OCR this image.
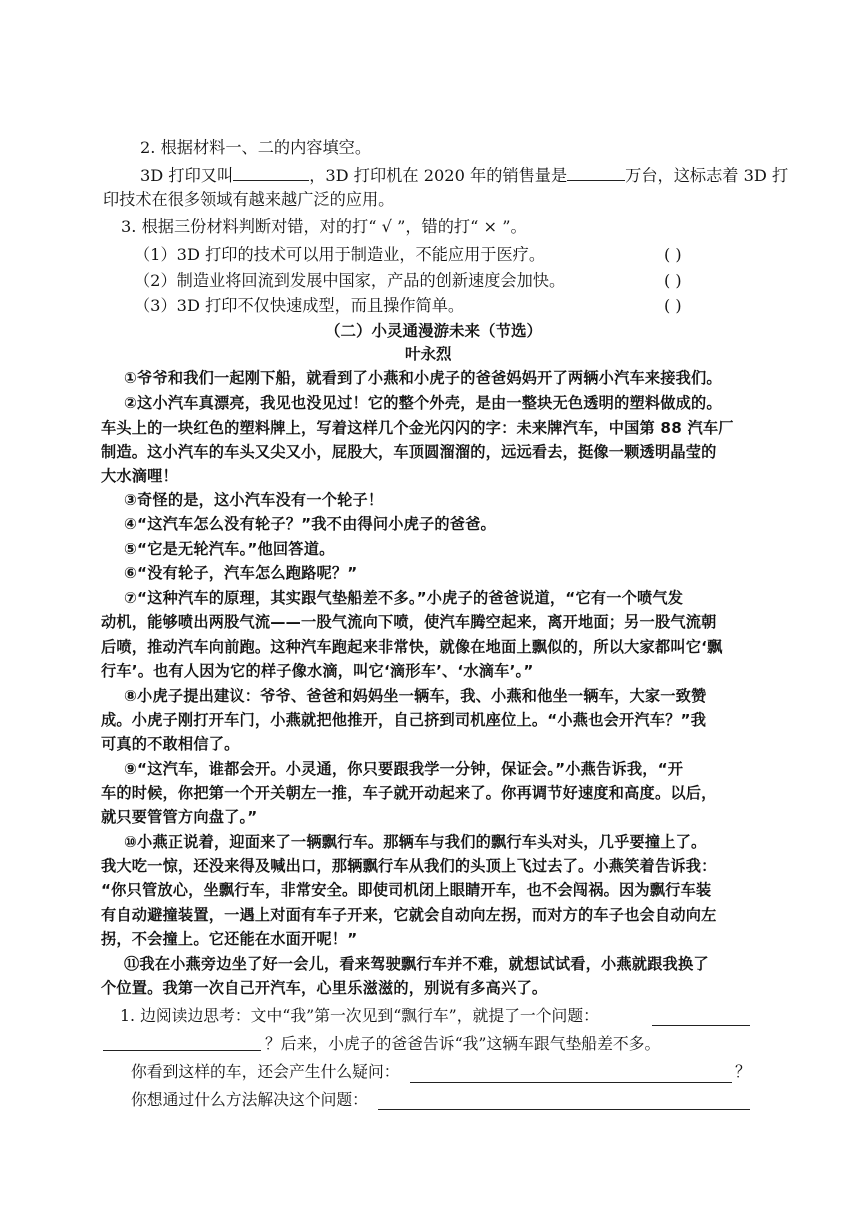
2. 根据材料一、二的内容填空。
3D 打印又叫	，3D 打印机在 2020 年的销售量是	万台，这标志着 3D 打
印技术在很多领域有越来越广泛的应用。
3. 根据三份材料判断对错，对的打“ √ ”，错的打“ × ”。
（1）3D 打印的技术可以用于制造业，不能应用于医疗。	( )
（2）制造业将回流到发展中国家，产品的创新速度会加快。	( )
（3）3D 打印不仅快速成型，而且操作简单。	( )
（二）小灵通漫游未来（节选）
叶永烈
①爷爷和我们一起刚下船，就看到了小燕和小虎子的爸爸妈妈开了两辆小汽车来接我们。
②这小汽车真漂亮，我见也没见过！它的整个外壳，是由一整块无色透明的塑料做成的。
车头上的一块红色的塑料牌上，写着这样几个金光闪闪的字：未来牌汽车，中国第 88 汽车厂
制造。这小汽车的车头又尖又小，屁股大，车顶圆溜溜的，远远看去，挺像一颗透明晶莹的
大水滴哩！
③奇怪的是，这小汽车没有一个轮子！
④“这汽车怎么没有轮子？”我不由得问小虎子的爸爸。
⑤“它是无轮汽车。”他回答道。
⑥“没有轮子，汽车怎么跑路呢？”
⑦“这种汽车的原理，其实跟气垫船差不多。”小虎子的爸爸说道，“它有一个喷气发
动机，能够喷出两股气流——一股气流向下喷，使汽车腾空起来，离开地面；另一股气流朝
后喷，推动汽车向前跑。这种汽车跑起来非常快，就像在地面上飘似的，所以大家都叫它‘飘
行车’。也有人因为它的样子像水滴，叫它‘滴形车’、‘水滴车’。”
⑧小虎子提出建议：爷爷、爸爸和妈妈坐一辆车，我、小燕和他坐一辆车，大家一致赞
成。小虎子刚打开车门，小燕就把他推开，自己挤到司机座位上。“小燕也会开汽车？”我
可真的不敢相信了。
⑨“这汽车，谁都会开。小灵通，你只要跟我学一分钟，保证会。”小燕告诉我，“开
车的时候，你把第一个开关朝左一推，车子就开动起来了。你再调节好速度和高度。以后，
就只要管管方向盘了。”
⑩小燕正说着，迎面来了一辆飘行车。那辆车与我们的飘行车头对头，几乎要撞上了。
我大吃一惊，还没来得及喊出口，那辆飘行车从我们的头顶上飞过去了。小燕笑着告诉我：
“你只管放心，坐飘行车，非常安全。即使司机闭上眼睛开车，也不会闯祸。因为飘行车装
有自动避撞装置，一遇上对面有车子开来，它就会自动向左拐，而对方的车子也会自动向左
拐，不会撞上。它还能在水面开呢！”
⑪我在小燕旁边坐了好一会儿，看来驾驶飘行车并不难，就想试试看，小燕就跟我换了
个位置。我第一次自己开汽车，心里乐滋滋的，别说有多高兴了。
1. 边阅读边思考：文中“我”第一次见到“飘行车”，就提了一个问题：
？后来，小虎子的爸爸告诉“我”这辆车跟气垫船差不多。
你看到这样的车，还会产生什么疑问：	？
你想通过什么方法解决这个问题：
